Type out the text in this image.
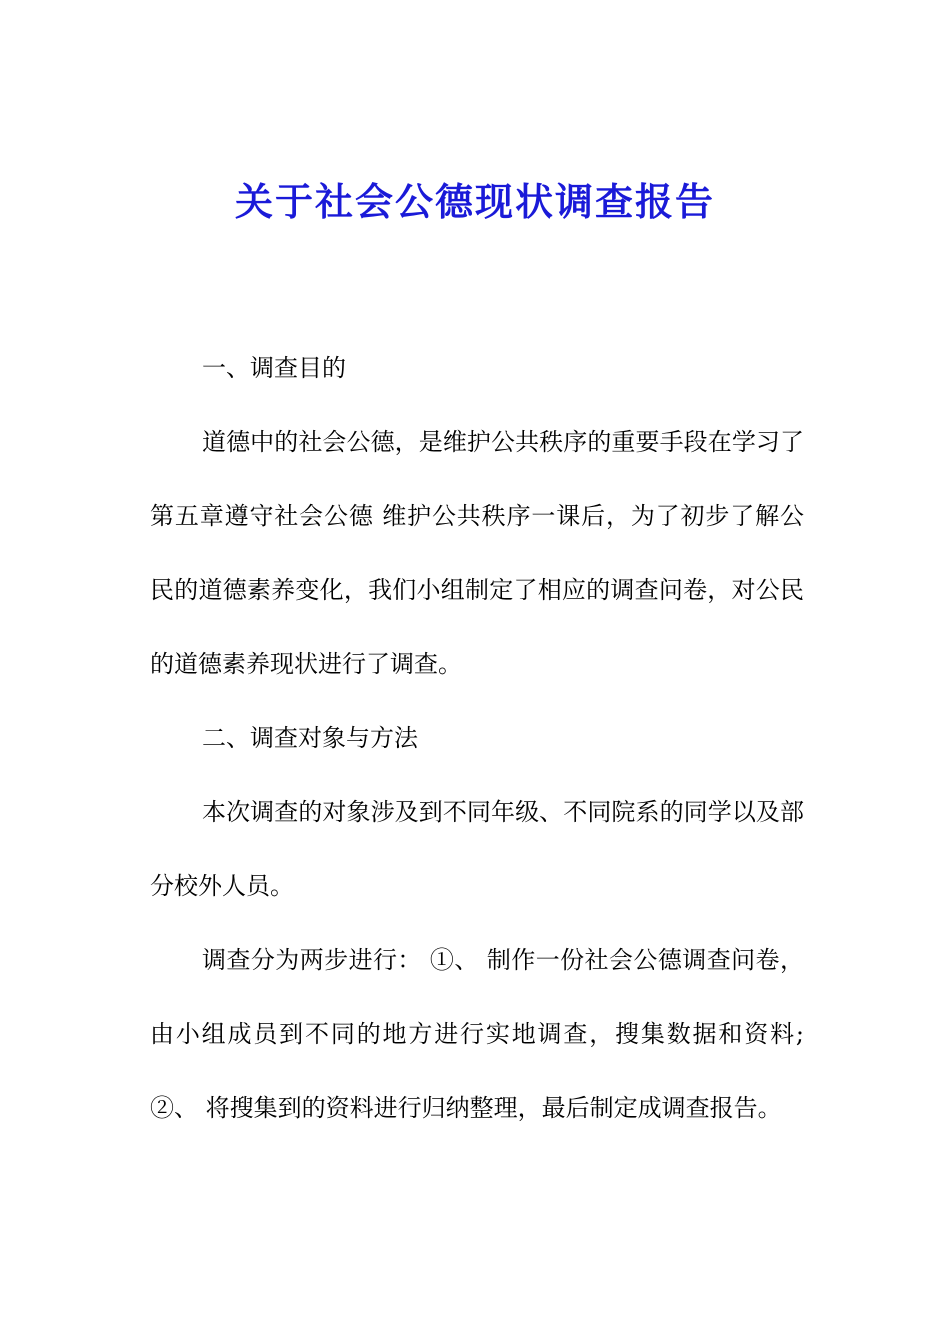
关于社会公德现状调查报告

一、调查目的

道德中的社会公德，是维护公共秩序的重要手段在学习了第五章遵守社会公德 维护公共秩序一课后，为了初步了解公民的道德素养变化，我们小组制定了相应的调查问卷，对公民的道德素养现状进行了调查。

二、调查对象与方法

本次调查的对象涉及到不同年级、不同院系的同学以及部分校外人员。

调查分为两步进行： ①、 制作一份社会公德调查问卷，由小组成员到不同的地方进行实地调查，搜集数据和资料; ②、 将搜集到的资料进行归纳整理，最后制定成调查报告。
